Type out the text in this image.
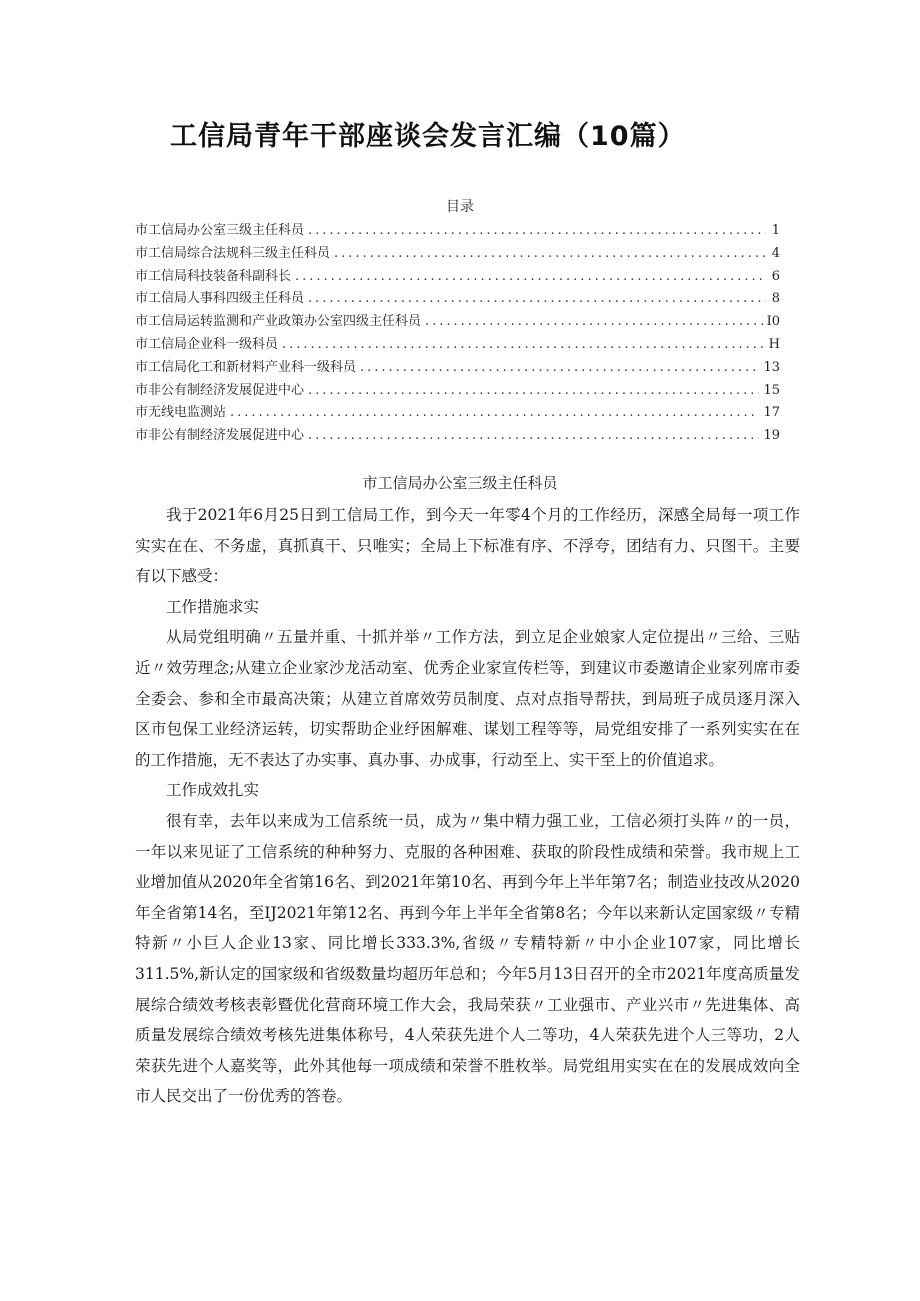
工信局青年干部座谈会发言汇编（10篇）
目录
市工信局办公室三级主任科员 .....	1
市工信局综合法规科三级主任科员 .....	4
市工信局科技装备科副科长 .....	6
市工信局人事科四级主任科员 .....	8
市工信局运转监测和产业政策办公室四级主任科员 .....	I0
市工信局企业科一级科员 .....	H
市工信局化工和新材料产业科一级科员 .....	13
市非公有制经济发展促进中心 .....	15
市无线电监测站 .....	17
市非公有制经济发展促进中心 .....	19
市工信局办公室三级主任科员

我于2021年6月25日到工信局工作，到今天一年零4个月的工作经历，深感全局每一项工作实实在在、不务虚，真抓真干、只唯实；全局上下标准有序、不浮夸，团结有力、只图干。主要有以下感受：

工作措施求实

从局党组明确〃五量并重、十抓并举〃工作方法，到立足企业娘家人定位提出〃三给、三贴近〃效劳理念;从建立企业家沙龙活动室、优秀企业家宣传栏等，到建议市委邀请企业家列席市委全委会、参和全市最高决策；从建立首席效劳员制度、点对点指导帮扶，到局班子成员逐月深入区市包保工业经济运转，切实帮助企业纾困解难、谋划工程等等，局党组安排了一系列实实在在的工作措施，无不表达了办实事、真办事、办成事，行动至上、实干至上的价值追求。

工作成效扎实

很有幸，去年以来成为工信系统一员，成为〃集中精力强工业，工信必须打头阵〃的一员，一年以来见证了工信系统的种种努力、克服的各种困难、获取的阶段性成绩和荣誉。我市规上工业增加值从2020年全省第16名、到2021年第10名、再到今年上半年第7名；制造业技改从2020年全省第14名，至IJ2021年第12名、再到今年上半年全省第8名；今年以来新认定国家级〃专精特新〃小巨人企业13家、同比增长333.3%,省级〃专精特新〃中小企业107家，同比增长311.5%,新认定的国家级和省级数量均超历年总和；今年5月13日召开的全市2021年度高质量发展综合绩效考核表彰暨优化营商环境工作大会，我局荣获〃工业强市、产业兴市〃先进集体、高质量发展综合绩效考核先进集体称号，4人荣获先进个人二等功，4人荣获先进个人三等功，2人荣获先进个人嘉奖等，此外其他每一项成绩和荣誉不胜枚举。局党组用实实在在的发展成效向全市人民交出了一份优秀的答卷。
